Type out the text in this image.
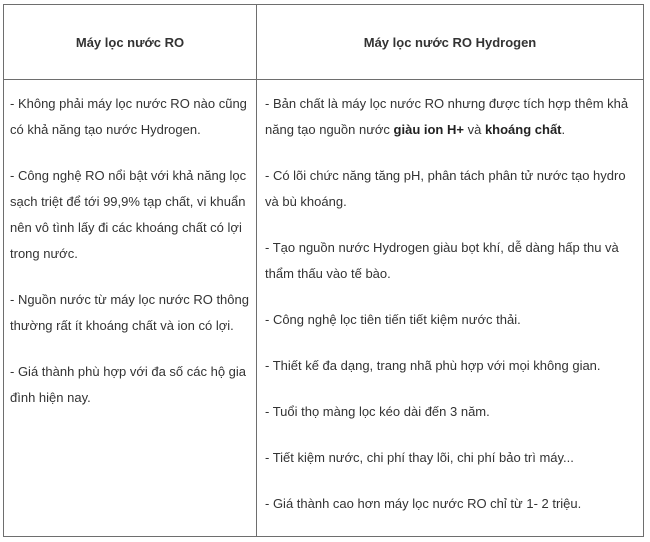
Máy lọc nước RO	Máy lọc nước RO Hydrogen
- Không phải máy lọc nước RO nào cũng có khả năng tạo nước Hydrogen.
- Công nghệ RO nổi bật với khả năng lọc sạch triệt để tới 99,9% tạp chất, vi khuẩn nên vô tình lấy đi các khoáng chất có lợi trong nước.
- Nguồn nước từ máy lọc nước RO thông thường rất ít khoáng chất và ion có lợi.
- Giá thành phù hợp với đa số các hộ gia đình hiện nay.
- Bản chất là máy lọc nước RO nhưng được tích hợp thêm khả năng tạo nguồn nước giàu ion H+ và khoáng chất.
- Có lõi chức năng tăng pH, phân tách phân tử nước tạo hydro và bù khoáng.
- Tạo nguồn nước Hydrogen giàu bọt khí, dễ dàng hấp thu và thẩm thấu vào tế bào.
- Công nghệ lọc tiên tiến tiết kiệm nước thải.
- Thiết kế đa dạng, trang nhã phù hợp với mọi không gian.
- Tuổi thọ màng lọc kéo dài đến 3 năm.
- Tiết kiệm nước, chi phí thay lõi, chi phí bảo trì máy...
- Giá thành cao hơn máy lọc nước RO chỉ từ 1- 2 triệu.
